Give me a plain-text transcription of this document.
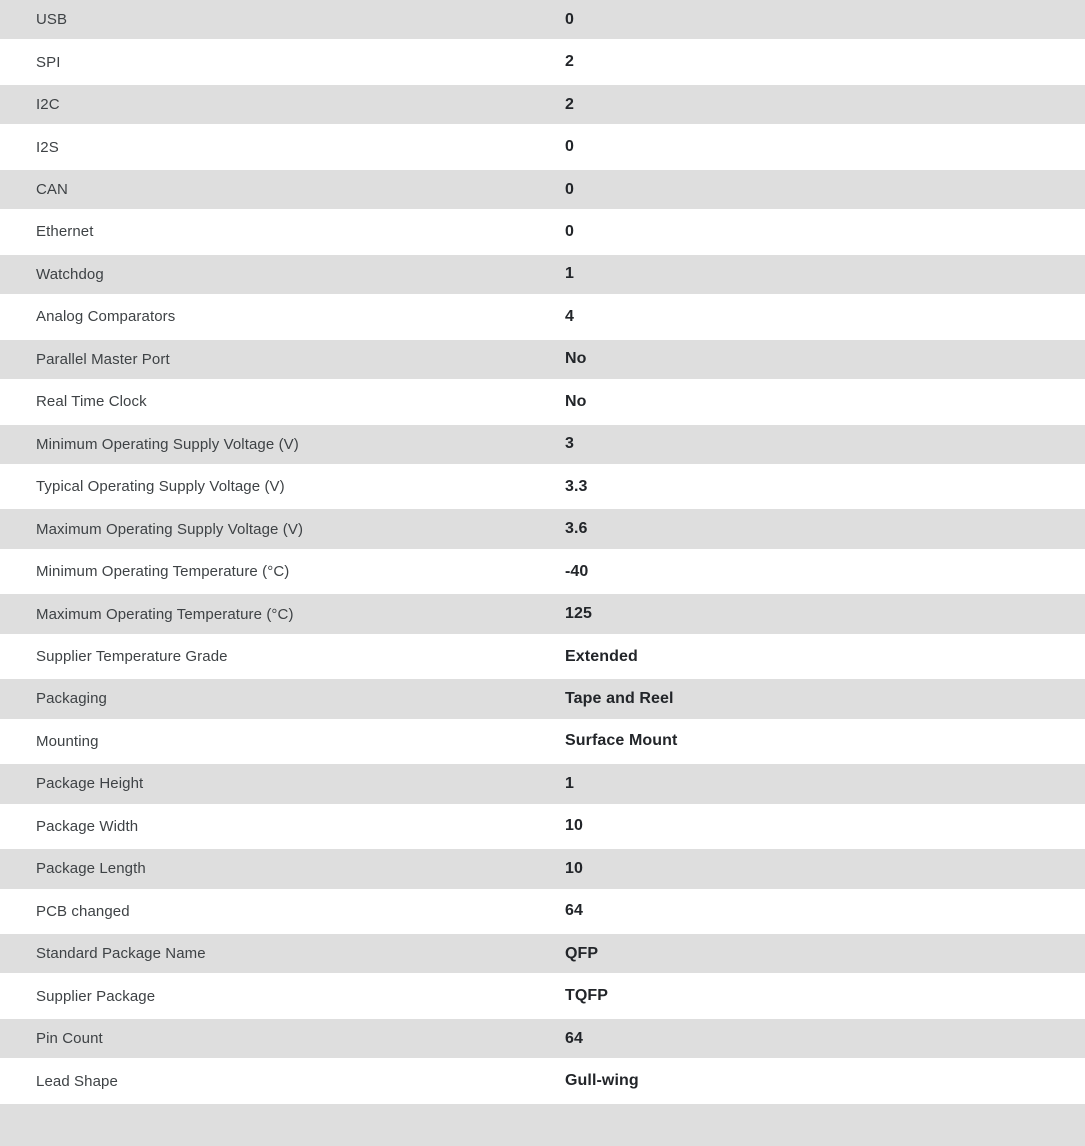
USB	0
SPI	2
I2C	2
I2S	0
CAN	0
Ethernet	0
Watchdog	1
Analog Comparators	4
Parallel Master Port	No
Real Time Clock	No
Minimum Operating Supply Voltage (V)	3
Typical Operating Supply Voltage (V)	3.3
Maximum Operating Supply Voltage (V)	3.6
Minimum Operating Temperature (°C)	-40
Maximum Operating Temperature (°C)	125
Supplier Temperature Grade	Extended
Packaging	Tape and Reel
Mounting	Surface Mount
Package Height	1
Package Width	10
Package Length	10
PCB changed	64
Standard Package Name	QFP
Supplier Package	TQFP
Pin Count	64
Lead Shape	Gull-wing
